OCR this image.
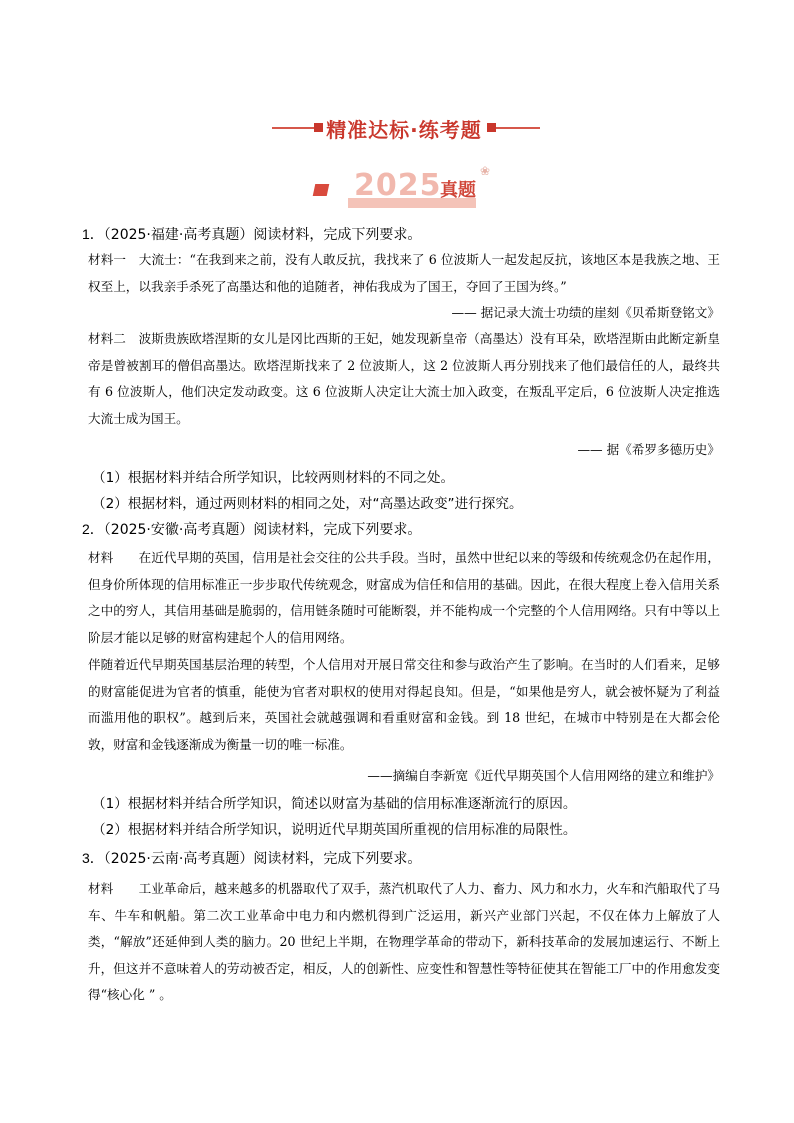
精准达标·练考题
2025
真题
❀
1．（2025·福建·高考真题）阅读材料，完成下列要求。
材料一　大流士：“在我到来之前，没有人敢反抗，我找来了 6 位波斯人一起发起反抗，该地区本是我族之地、王权至上，以我亲手杀死了高墨达和他的追随者，神佑我成为了国王，夺回了王国为终。”
—— 据记录大流士功绩的崖刻《贝希斯登铭文》
材料二　波斯贵族欧塔涅斯的女儿是冈比西斯的王妃，她发现新皇帝（高墨达）没有耳朵，欧塔涅斯由此断定新皇帝是曾被割耳的僧侣高墨达。欧塔涅斯找来了 2 位波斯人，这 2 位波斯人再分别找来了他们最信任的人，最终共有 6 位波斯人，他们决定发动政变。这 6 位波斯人决定让大流士加入政变，在叛乱平定后，6 位波斯人决定推选大流士成为国王。
—— 据《希罗多德历史》
（1）根据材料并结合所学知识，比较两则材料的不同之处。
（2）根据材料，通过两则材料的相同之处，对“高墨达政变”进行探究。
2．（2025·安徽·高考真题）阅读材料，完成下列要求。
材料　　在近代早期的英国，信用是社会交往的公共手段。当时，虽然中世纪以来的等级和传统观念仍在起作用，但身价所体现的信用标准正一步步取代传统观念，财富成为信任和信用的基础。因此，在很大程度上卷入信用关系之中的穷人，其信用基础是脆弱的，信用链条随时可能断裂，并不能构成一个完整的个人信用网络。只有中等以上阶层才能以足够的财富构建起个人的信用网络。
伴随着近代早期英国基层治理的转型，个人信用对开展日常交往和参与政治产生了影响。在当时的人们看来，足够的财富能促进为官者的慎重，能使为官者对职权的使用对得起良知。但是，“如果他是穷人，就会被怀疑为了利益而滥用他的职权”。越到后来，英国社会就越强调和看重财富和金钱。到 18 世纪，在城市中特别是在大都会伦敦，财富和金钱逐渐成为衡量一切的唯一标准。
——摘编自李新宽《近代早期英国个人信用网络的建立和维护》
（1）根据材料并结合所学知识，简述以财富为基础的信用标准逐渐流行的原因。
（2）根据材料并结合所学知识，说明近代早期英国所重视的信用标准的局限性。
3．（2025·云南·高考真题）阅读材料，完成下列要求。
材料　　工业革命后，越来越多的机器取代了双手，蒸汽机取代了人力、畜力、风力和水力，火车和汽船取代了马车、牛车和帆船。第二次工业革命中电力和内燃机得到广泛运用，新兴产业部门兴起，不仅在体力上解放了人类，“解放”还延伸到人类的脑力。20 世纪上半期，在物理学革命的带动下，新科技革命的发展加速运行、不断上升，但这并不意味着人的劳动被否定，相反，人的创新性、应变性和智慧性等特征使其在智能工厂中的作用愈发变得“核心化 ” 。
